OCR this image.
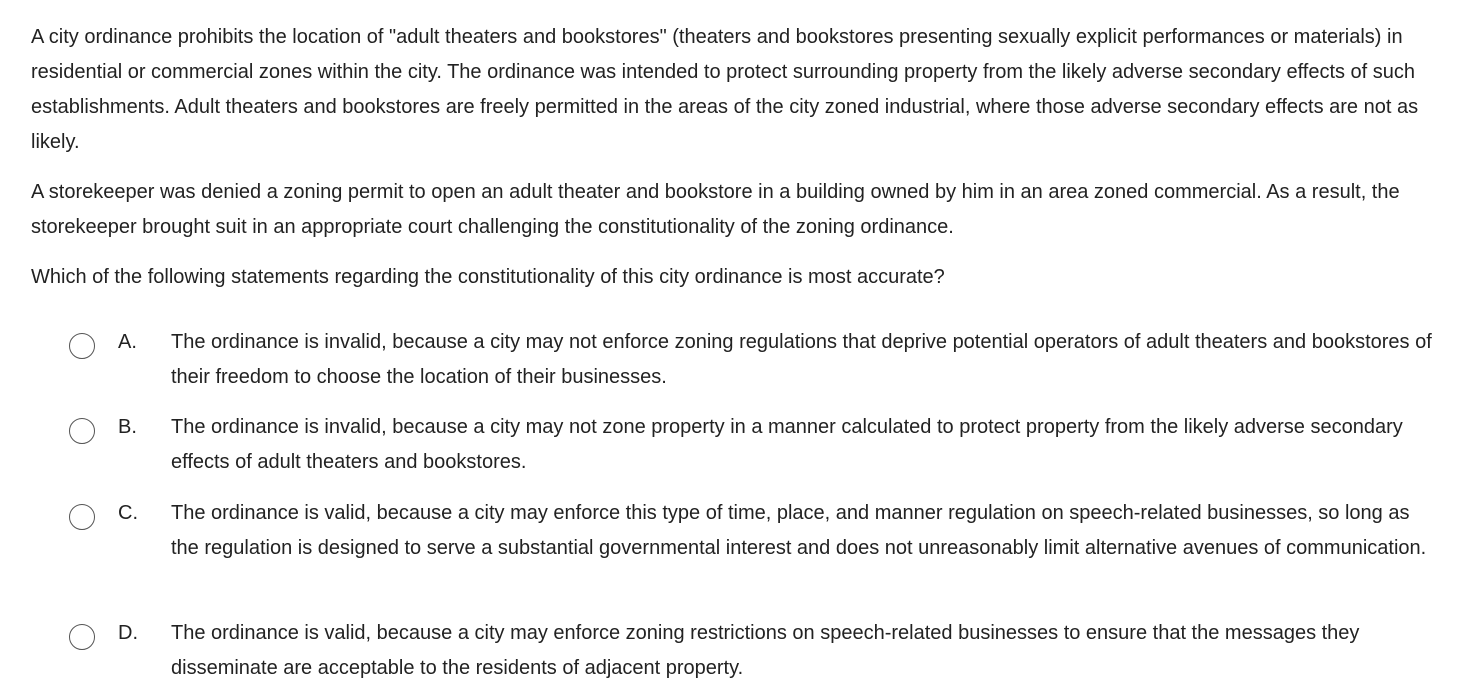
A city ordinance prohibits the location of "adult theaters and bookstores" (theaters and bookstores presenting sexually explicit performances or materials) in residential or commercial zones within the city. The ordinance was intended to protect surrounding property from the likely adverse secondary effects of such establishments. Adult theaters and bookstores are freely permitted in the areas of the city zoned industrial, where those adverse secondary effects are not as likely.

A storekeeper was denied a zoning permit to open an adult theater and bookstore in a building owned by him in an area zoned commercial. As a result, the storekeeper brought suit in an appropriate court challenging the constitutionality of the zoning ordinance.

Which of the following statements regarding the constitutionality of this city ordinance is most accurate?

A. The ordinance is invalid, because a city may not enforce zoning regulations that deprive potential operators of adult theaters and bookstores of their freedom to choose the location of their businesses.

B. The ordinance is invalid, because a city may not zone property in a manner calculated to protect property from the likely adverse secondary effects of adult theaters and bookstores.

C. The ordinance is valid, because a city may enforce this type of time, place, and manner regulation on speech-related businesses, so long as the regulation is designed to serve a substantial governmental interest and does not unreasonably limit alternative avenues of communication.

D. The ordinance is valid, because a city may enforce zoning restrictions on speech-related businesses to ensure that the messages they disseminate are acceptable to the residents of adjacent property.
